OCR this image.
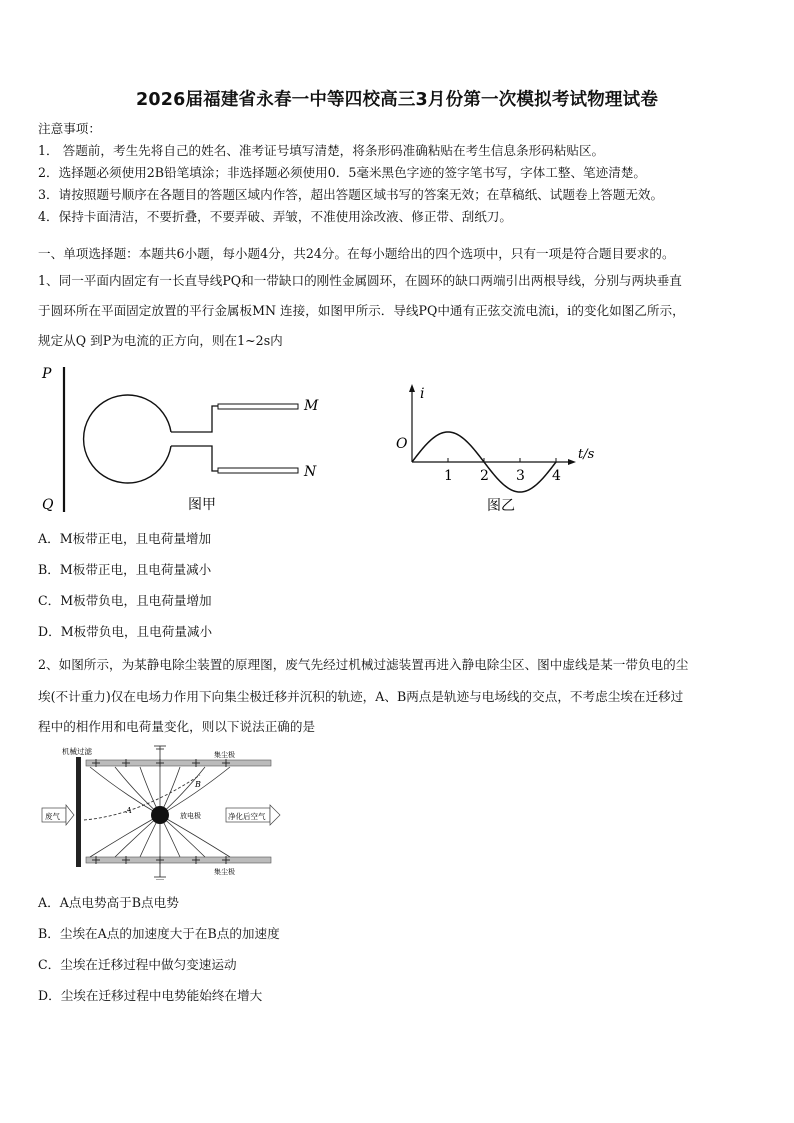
2026届福建省永春一中等四校高三3月份第一次模拟考试物理试卷
注意事项：
1． 答题前，考生先将自己的姓名、准考证号填写清楚，将条形码准确粘贴在考生信息条形码粘贴区。
2．选择题必须使用2B铅笔填涂；非选择题必须使用0．5毫米黑色字迹的签字笔书写，字体工整、笔迹清楚。
3．请按照题号顺序在各题目的答题区域内作答，超出答题区域书写的答案无效；在草稿纸、试题卷上答题无效。
4．保持卡面清洁，不要折叠，不要弄破、弄皱，不准使用涂改液、修正带、刮纸刀。
一、单项选择题：本题共6小题，每小题4分，共24分。在每小题给出的四个选项中，只有一项是符合题目要求的。
1、同一平面内固定有一长直导线PQ和一带缺口的刚性金属圆环，在圆环的缺口两端引出两根导线，分别与两块垂直
于圆环所在平面固定放置的平行金属板MN 连接，如图甲所示．导线PQ中通有正弦交流电流i，i的变化如图乙所示，
规定从Q 到P为电流的正方向，则在1~2s内
P
Q
M
N
图甲
i
t/s
O
1 2 3 4
图乙
A．M板带正电，且电荷量增加
B．M板带正电，且电荷量减小
C．M板带负电，且电荷量增加
D．M板带负电，且电荷量减小
2、如图所示，为某静电除尘装置的原理图，废气先经过机械过滤装置再进入静电除尘区、图中虚线是某一带负电的尘
埃(不计重力)仅在电场力作用下向集尘极迁移并沉积的轨迹，A、B两点是轨迹与电场线的交点，不考虑尘埃在迁移过
程中的相作用和电荷量变化，则以下说法正确的是
机械过滤	集尘极
集尘极
放电极
A
B
废气	净化后空气
A．A点电势高于B点电势
B．尘埃在A点的加速度大于在B点的加速度
C．尘埃在迁移过程中做匀变速运动
D．尘埃在迁移过程中电势能始终在增大
